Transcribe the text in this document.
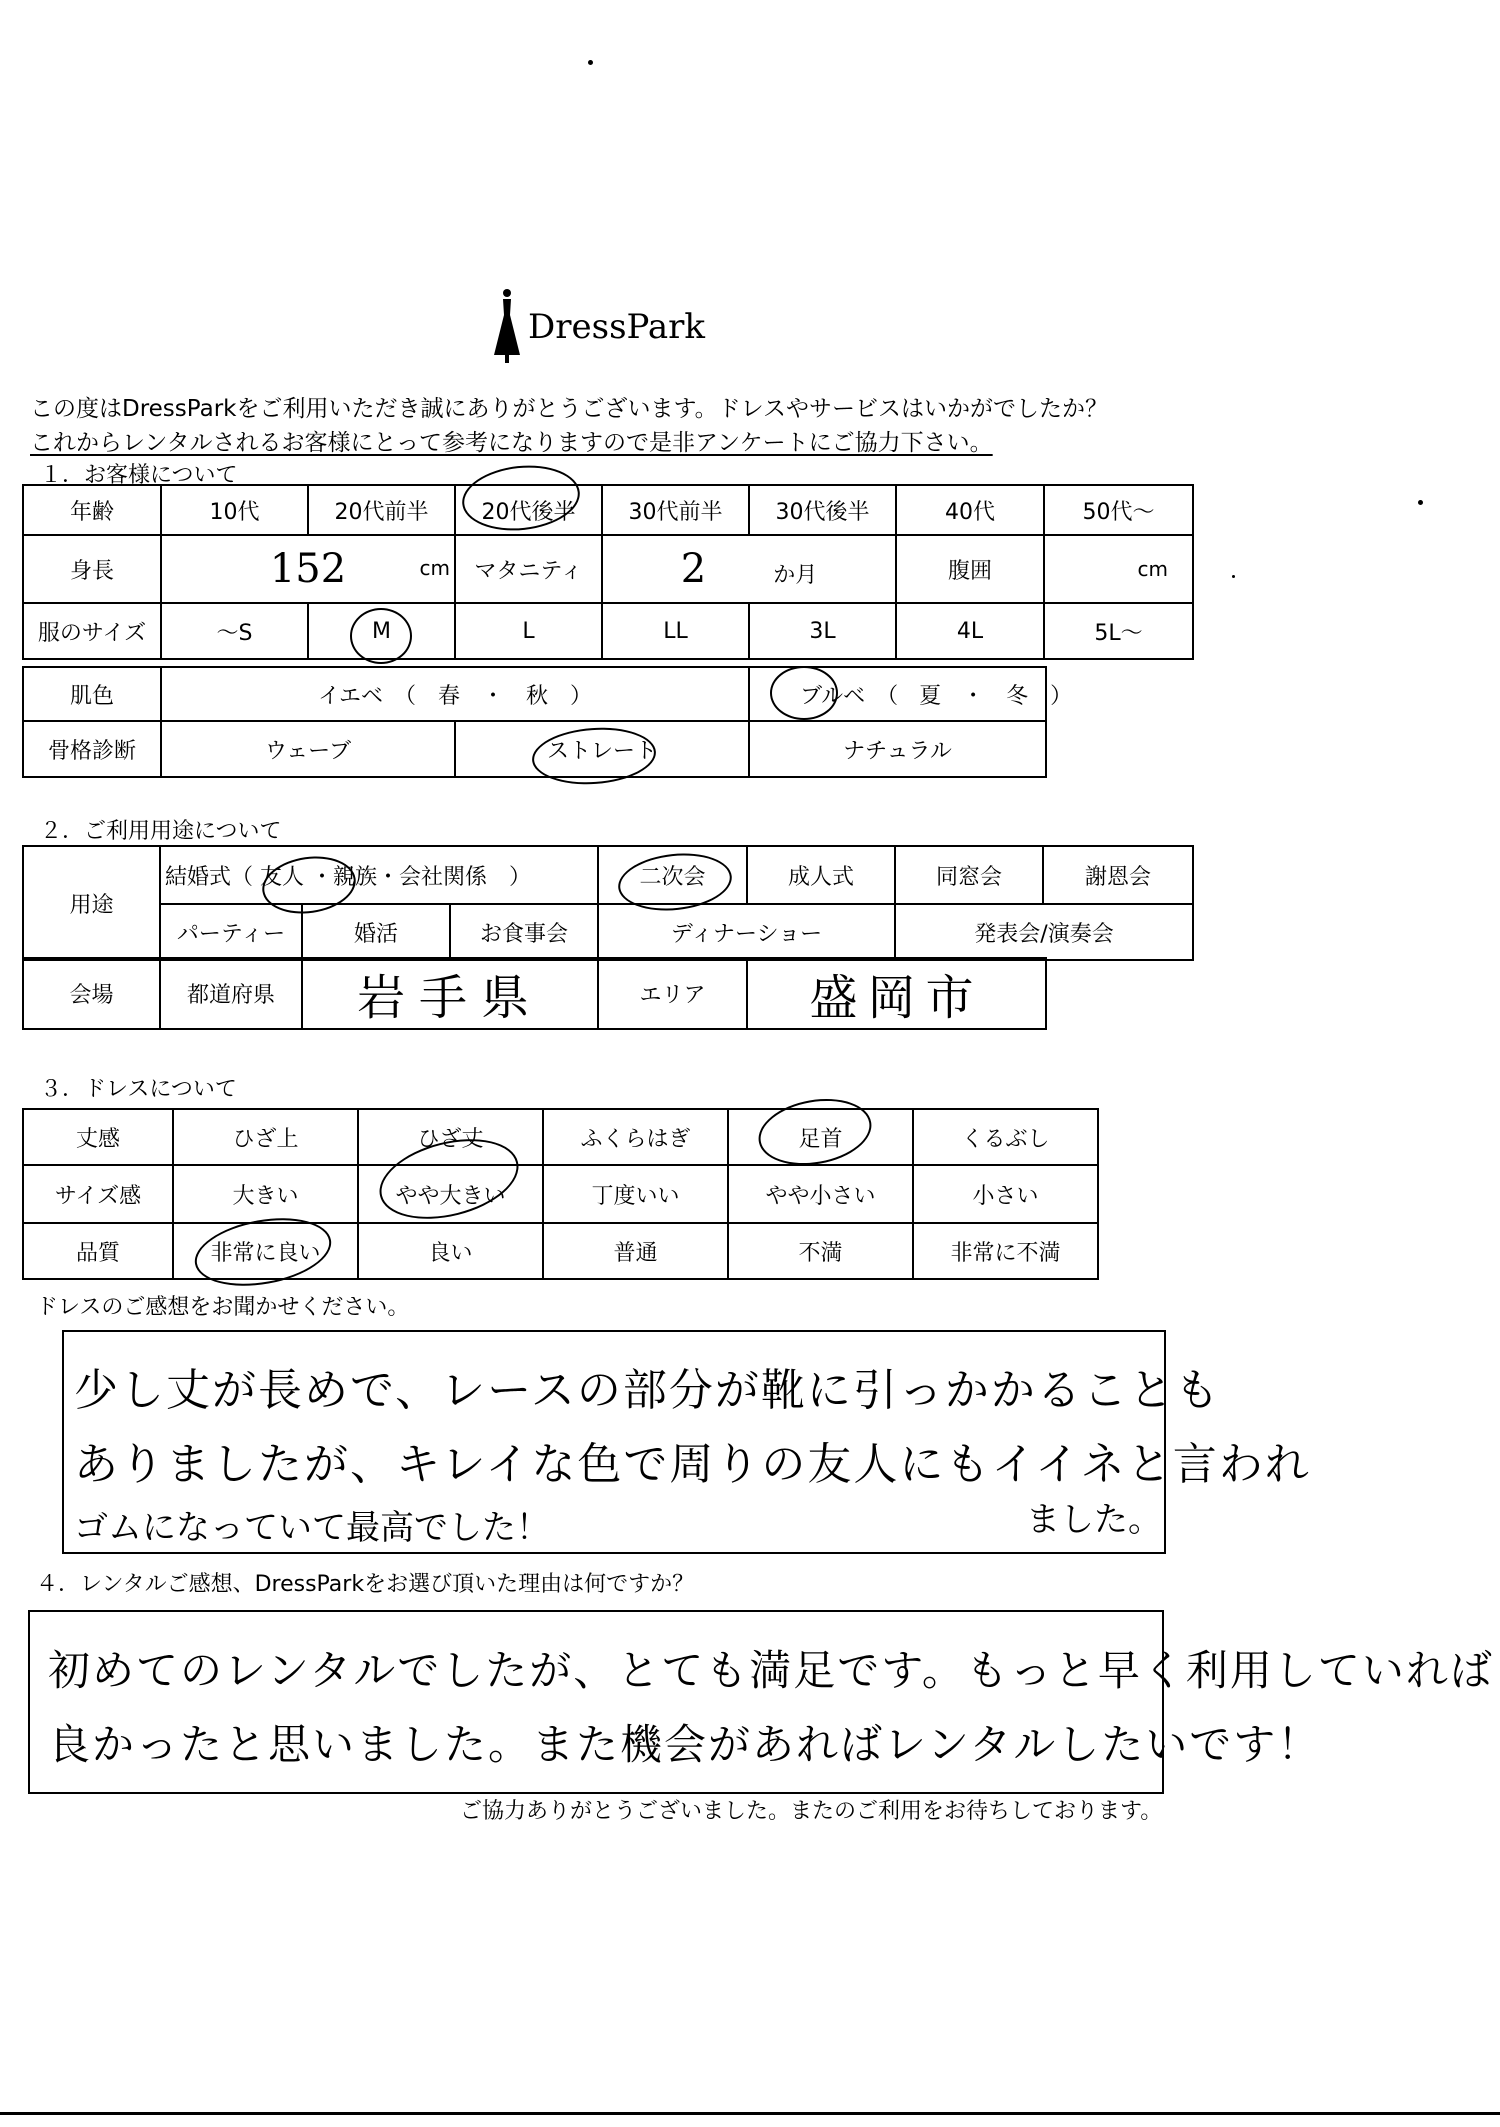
DressPark
この度はDressParkをご利用いただき誠にありがとうございます。ドレスやサービスはいかがでしたか？
これからレンタルされるお客様にとって参考になりますので是非アンケートにご協力下さい。
１．お客様について
年齢	10代	20代前半	20代後半	30代前半	30代後半	40代	50代～
身長	152 cm		マタニティ	2 か月		腹囲	cm
服のサイズ	～S	M	L	LL	3L	4L	5L～
肌色	イエベ　（　春　・　秋　）		ブルベ　（ 夏 ・　冬　）
骨格診断	ウェーブ	ストレート	ナチュラル
２．ご利用用途について
用途	結婚式（ 友人 ・親族・会社関係　）			二次会	成人式	同窓会	謝恩会
	パーティー	婚活	お食事会	ディナーショー		発表会/演奏会	
会場	都道府県	岩手県	エリア	盛岡市
３．ドレスについて
丈感	ひざ上	ひざ丈	ふくらはぎ	足首	くるぶし
サイズ感	大きい	やや大きい	丁度いい	やや小さい	小さい
品質	非常に良い	良い	普通	不満	非常に不満
ドレスのご感想をお聞かせください。
少し丈が長めで、レースの部分が靴に引っかかることも
ありましたが、キレイな色で周りの友人にもイイネと言われ
ゴムになっていて最高でした！	ました。
４．レンタルご感想、DressParkをお選び頂いた理由は何ですか？
初めてのレンタルでしたが、とても満足です。もっと早く利用していれば
良かったと思いました。また機会があればレンタルしたいです！
ご協力ありがとうございました。またのご利用をお待ちしております。
